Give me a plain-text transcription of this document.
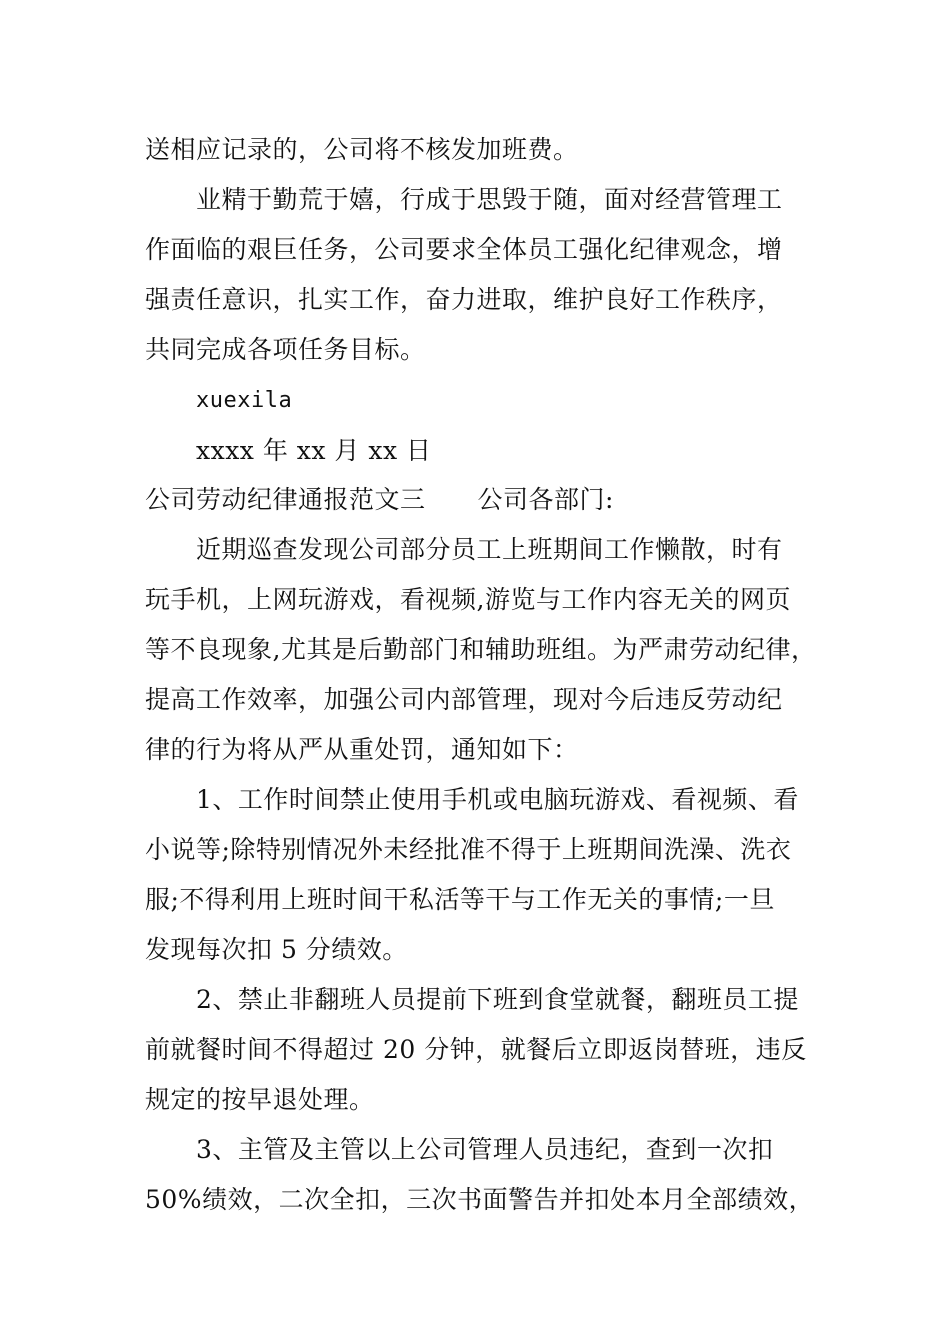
送相应记录的，公司将不核发加班费。
业精于勤荒于嬉，行成于思毁于随，面对经营管理工
作面临的艰巨任务，公司要求全体员工强化纪律观念，增
强责任意识，扎实工作，奋力进取，维护良好工作秩序，
共同完成各项任务目标。
xuexila
xxxx 年 xx 月 xx 日
公司劳动纪律通报范文三 公司各部门:
近期巡查发现公司部分员工上班期间工作懒散，时有
玩手机，上网玩游戏，看视频,游览与工作内容无关的网页
等不良现象,尤其是后勤部门和辅助班组。为严肃劳动纪律，
提高工作效率，加强公司内部管理，现对今后违反劳动纪
律的行为将从严从重处罚，通知如下：
1、工作时间禁止使用手机或电脑玩游戏、看视频、看
小说等;除特别情况外未经批准不得于上班期间洗澡、洗衣
服;不得利用上班时间干私活等干与工作无关的事情;一旦
发现每次扣 5 分绩效。
2、禁止非翻班人员提前下班到食堂就餐，翻班员工提
前就餐时间不得超过 20 分钟，就餐后立即返岗替班，违反
规定的按早退处理。
3、主管及主管以上公司管理人员违纪，查到一次扣
50%绩效，二次全扣，三次书面警告并扣处本月全部绩效，
